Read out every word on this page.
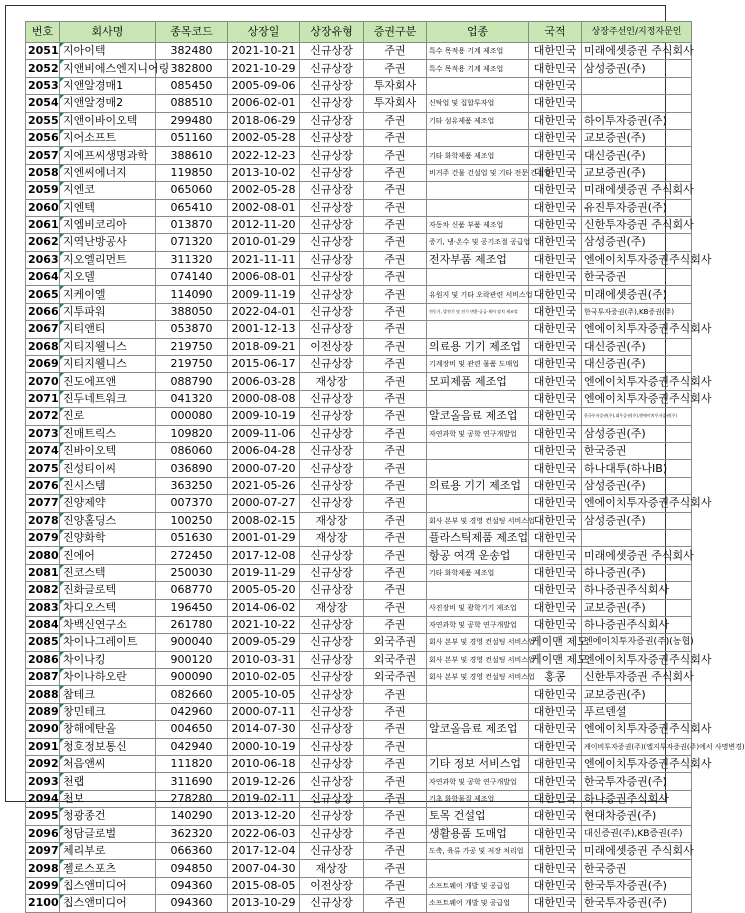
번호	회사명	종목코드	상장일	상장유형	증권구분	업종	국적	상장주선인/지정자문인
2051	지아이텍	382480	2021-10-21	신규상장	주권	특수 목적용 기계 제조업	대한민국	미래에셋증권 주식회사
2052	지앤비에스엔지니어링	382800	2021-10-29	신규상장	주권	특수 목적용 기계 제조업	대한민국	삼성증권(주)
2053	지앤알경매1	085450	2005-09-06	신규상장	투자회사		대한민국	
2054	지앤알경매2	088510	2006-02-01	신규상장	투자회사	신탁업 및 집합투자업	대한민국	
2055	지앤이바이오텍	299480	2018-06-29	신규상장	주권	기타 섬유제품 제조업	대한민국	하이투자증권(주)
2056	지어소프트	051160	2002-05-28	신규상장	주권		대한민국	교보증권(주)
2057	지에프씨생명과학	388610	2022-12-23	신규상장	주권	기타 화학제품 제조업	대한민국	대신증권(주)
2058	지엔씨에너지	119850	2013-10-02	신규상장	주권	비거주 건물 건설업 및 기타 전문 건설업	대한민국	교보증권(주)
2059	지엔코	065060	2002-05-28	신규상장	주권		대한민국	미래에셋증권 주식회사
2060	지엔텍	065410	2002-08-01	신규상장	주권		대한민국	유진투자증권(주)
2061	지엠비코리아	013870	2012-11-20	신규상장	주권	자동차 신품 부품 제조업	대한민국	신한투자증권 주식회사
2062	지역난방공사	071320	2010-01-29	신규상장	주권	증기, 냉·온수 및 공기조절 공급업	대한민국	삼성증권(주)
2063	지오엘리먼트	311320	2021-11-11	신규상장	주권	전자부품 제조업	대한민국	엔에이치투자증권주식회사
2064	지오델	074140	2006-08-01	신규상장	주권		대한민국	한국증권
2065	지케이엘	114090	2009-11-19	신규상장	주권	유원지 및 기타 오락관련 서비스업	대한민국	미래에셋증권(주)
2066	지투파워	388050	2022-04-01	신규상장	주권	전동기, 발전기 및 전기 변환·공급·제어 장치 제조업	대한민국	한국투자증권(주),KB증권(주)
2067	지티앤티	053870	2001-12-13	신규상장	주권		대한민국	엔에이치투자증권주식회사
2068	지티지웰니스	219750	2018-09-21	이전상장	주권	의료용 기기 제조업	대한민국	대신증권(주)
2069	지티지웰니스	219750	2015-06-17	신규상장	주권	기계장비 및 관련 물품 도매업	대한민국	대신증권(주)
2070	진도에프앤	088790	2006-03-28	재상장	주권	모피제품 제조업	대한민국	엔에이치투자증권주식회사
2071	진두네트워크	041320	2000-08-08	신규상장	주권		대한민국	엔에이치투자증권주식회사
2072	진로	000080	2009-10-19	신규상장	주권	알코올음료 제조업	대한민국	한국투자증권(주),대우증권(주),엔에이치투자증권(주)
2073	진매트릭스	109820	2009-11-06	신규상장	주권	자연과학 및 공학 연구개발업	대한민국	삼성증권(주)
2074	진바이오텍	086060	2006-04-28	신규상장	주권		대한민국	한국증권
2075	진성티이씨	036890	2000-07-20	신규상장	주권		대한민국	하나대투(하나IB)
2076	진시스템	363250	2021-05-26	신규상장	주권	의료용 기기 제조업	대한민국	삼성증권(주)
2077	진양제약	007370	2000-07-27	신규상장	주권		대한민국	엔에이치투자증권주식회사
2078	진양홀딩스	100250	2008-02-15	재상장	주권	회사 본부 및 경영 컨설팅 서비스업	대한민국	삼성증권(주)
2079	진양화학	051630	2001-01-29	재상장	주권	플라스틱제품 제조업	대한민국	
2080	진에어	272450	2017-12-08	신규상장	주권	항공 여객 운송업	대한민국	미래에셋증권 주식회사
2081	진코스텍	250030	2019-11-29	신규상장	주권	기타 화학제품 제조업	대한민국	하나증권(주)
2082	진화글로텍	068770	2005-05-20	신규상장	주권		대한민국	하나증권주식회사
2083	차디오스텍	196450	2014-06-02	재상장	주권	사진장비 및 광학기기 제조업	대한민국	교보증권(주)
2084	차백신연구소	261780	2021-10-22	신규상장	주권	자연과학 및 공학 연구개발업	대한민국	하나증권주식회사
2085	차이나그레이트	900040	2009-05-29	신규상장	외국주권	회사 본부 및 경영 컨설팅 서비스업	케이맨 제도	엔에이치투자증권(주)(농협)
2086	차이나킹	900120	2010-03-31	신규상장	외국주권	회사 본부 및 경영 컨설팅 서비스업	케이맨 제도	엔에이치투자증권주식회사
2087	차이나하오란	900090	2010-02-05	신규상장	외국주권	회사 본부 및 경영 컨설팅 서비스업	홍콩	신한투자증권 주식회사
2088	참테크	082660	2005-10-05	신규상장	주권		대한민국	교보증권(주)
2089	창민테크	042960	2000-07-11	신규상장	주권		대한민국	푸르덴셜
2090	창해에탄올	004650	2014-07-30	신규상장	주권	알코올음료 제조업	대한민국	엔에이치투자증권주식회사
2091	청호정보통신	042940	2000-10-19	신규상장	주권		대한민국	케이비투자증권(주)(엘지투자증권(주)에서 사명변경)
2092	처음앤씨	111820	2010-06-18	신규상장	주권	기타 정보 서비스업	대한민국	엔에이치투자증권주식회사
2093	천랩	311690	2019-12-26	신규상장	주권	자연과학 및 공학 연구개발업	대한민국	한국투자증권(주)
2094	천보	278280	2019-02-11	신규상장	주권	기초 화학물질 제조업	대한민국	하나증권주식회사
2095	청광종건	140290	2013-12-20	신규상장	주권	토목 건설업	대한민국	현대차증권(주)
2096	청담글로벌	362320	2022-06-03	신규상장	주권	생활용품 도매업	대한민국	대신증권(주),KB증권(주)
2097	체리부로	066360	2017-12-04	신규상장	주권	도축, 육류 가공 및 저장 처리업	대한민국	미래에셋증권 주식회사
2098	젤로스포츠	094850	2007-04-30	재상장	주권		대한민국	한국증권
2099	칩스앤미디어	094360	2015-08-05	이전상장	주권	소프트웨어 개발 및 공급업	대한민국	한국투자증권(주)
2100	칩스앤미디어	094360	2013-10-29	신규상장	주권	소프트웨어 개발 및 공급업	대한민국	한국투자증권(주)
